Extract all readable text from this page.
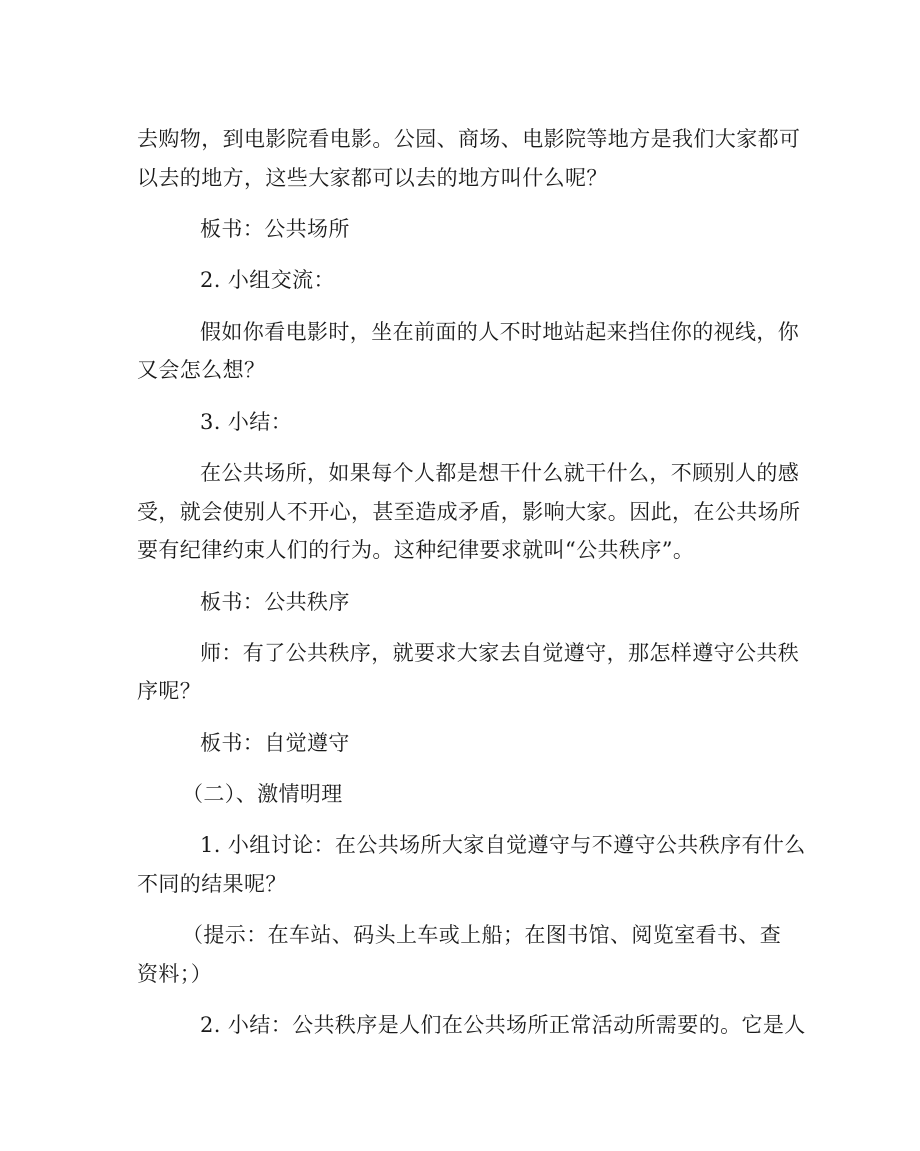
去购物，到电影院看电影。公园、商场、电影院等地方是我们大家都可
以去的地方，这些大家都可以去的地方叫什么呢？
板书：公共场所
2. 小组交流：
假如你看电影时，坐在前面的人不时地站起来挡住你的视线，你
又会怎么想？
3. 小结：
在公共场所，如果每个人都是想干什么就干什么，不顾别人的感
受，就会使别人不开心，甚至造成矛盾，影响大家。因此，在公共场所
要有纪律约束人们的行为。这种纪律要求就叫“公共秩序”。
板书：公共秩序
师：有了公共秩序，就要求大家去自觉遵守，那怎样遵守公共秩
序呢？
板书：自觉遵守
（二）、激情明理
1. 小组讨论：在公共场所大家自觉遵守与不遵守公共秩序有什么
不同的结果呢？
（提示：在车站、码头上车或上船；在图书馆、阅览室看书、查
资料；）
2. 小结：公共秩序是人们在公共场所正常活动所需要的。它是人
